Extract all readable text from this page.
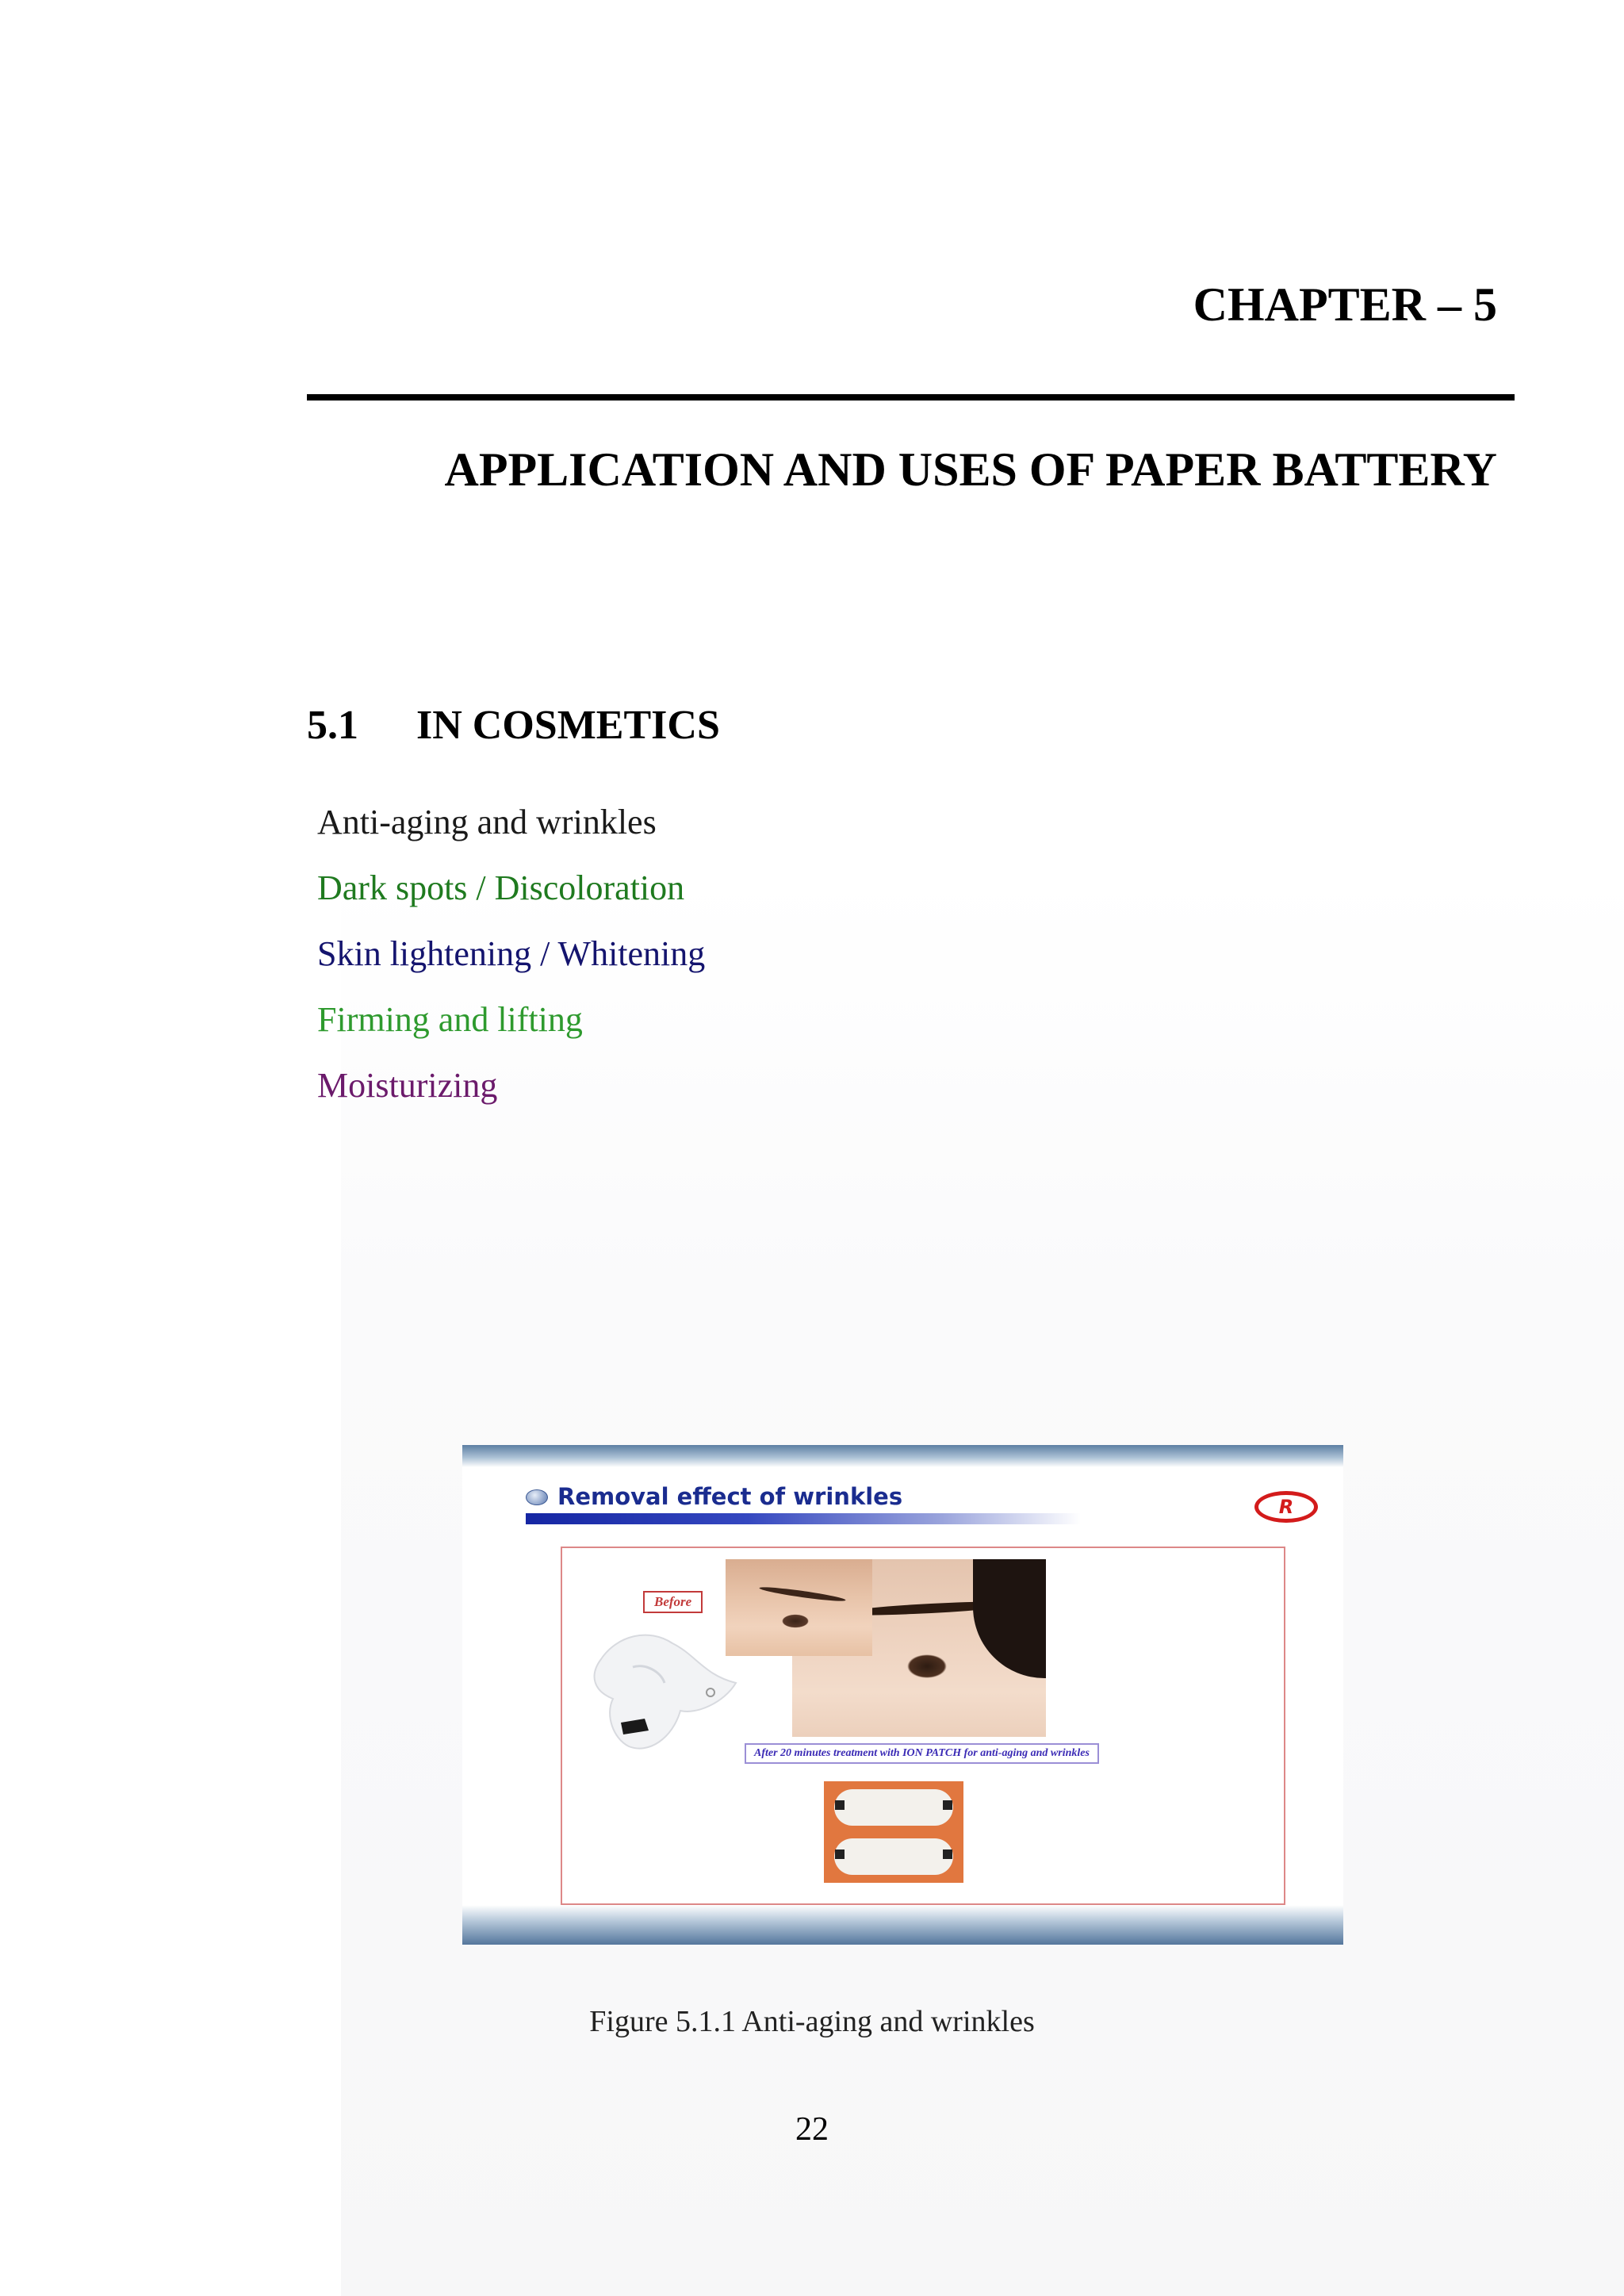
CHAPTER – 5
APPLICATION AND USES OF PAPER BATTERY
5.1 IN COSMETICS
Anti-aging and wrinkles
Dark spots / Discoloration
Skin lightening / Whitening
Firming and lifting
Moisturizing
Removal effect of wrinkles	R
Before
After 20 minutes treatment with ION PATCH for anti-aging and wrinkles
Figure 5.1.1 Anti-aging and wrinkles
22
